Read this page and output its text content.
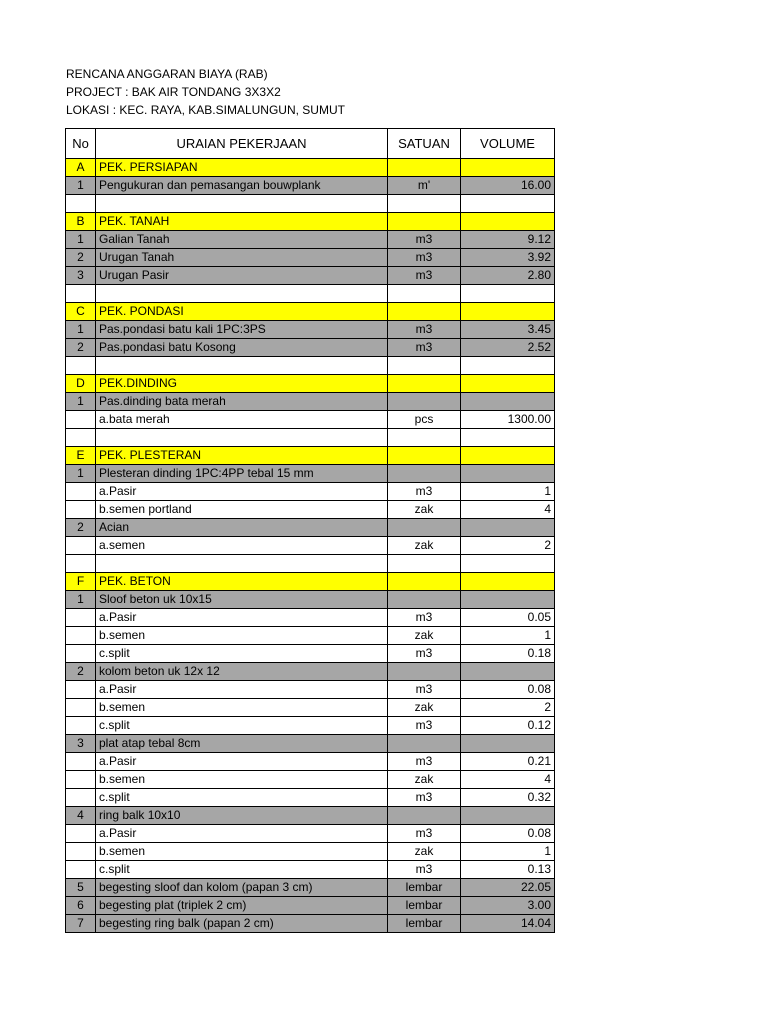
RENCANA ANGGARAN BIAYA (RAB)
PROJECT : BAK AIR TONDANG 3X3X2
LOKASI : KEC. RAYA, KAB.SIMALUNGUN, SUMUT
No	URAIAN PEKERJAAN	SATUAN	VOLUME
A	PEK. PERSIAPAN		
1	Pengukuran dan pemasangan bouwplank	m'	16.00

B	PEK. TANAH		
1	Galian Tanah	m3	9.12
2	Urugan Tanah	m3	3.92
3	Urugan Pasir	m3	2.80

C	PEK. PONDASI		
1	Pas.pondasi batu kali 1PC:3PS	m3	3.45
2	Pas.pondasi batu Kosong	m3	2.52

D	PEK.DINDING		
1	Pas.dinding bata merah		
	a.bata merah	pcs	1300.00

E	PEK. PLESTERAN		
1	Plesteran dinding 1PC:4PP tebal 15 mm		
	a.Pasir	m3	1
	b.semen portland	zak	4
2	Acian		
	a.semen	zak	2

F	PEK. BETON		
1	Sloof beton uk 10x15		
	a.Pasir	m3	0.05
	b.semen	zak	1
	c.split	m3	0.18
2	kolom beton uk 12x 12		
	a.Pasir	m3	0.08
	b.semen	zak	2
	c.split	m3	0.12
3	plat atap tebal 8cm		
	a.Pasir	m3	0.21
	b.semen	zak	4
	c.split	m3	0.32
4	ring balk 10x10		
	a.Pasir	m3	0.08
	b.semen	zak	1
	c.split	m3	0.13
5	begesting sloof dan kolom (papan 3 cm)	lembar	22.05
6	begesting plat (triplek 2 cm)	lembar	3.00
7	begesting ring balk (papan 2 cm)	lembar	14.04
